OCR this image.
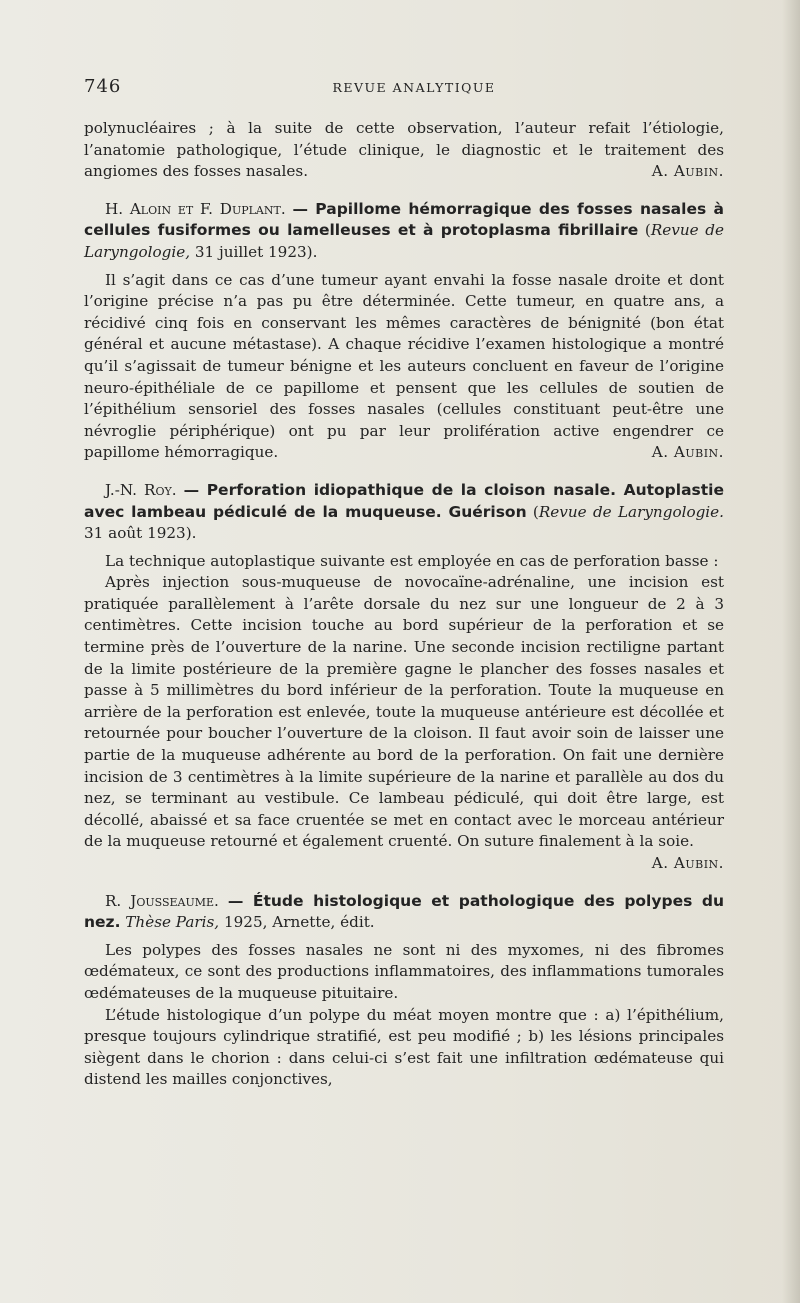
746	REVUE ANALYTIQUE

polynucléaires ; à la suite de cette observation, l’auteur refait l’étiologie, l’anatomie pathologique, l’étude clinique, le diagnostic et le traitement des angiomes des fosses nasales.	A. Aubin.

H. Aloin et F. Duplant. — Papillome hémorragique des fosses nasales à cellules fusiformes ou lamelleuses et à protoplasma fibrillaire (Revue de Laryngologie, 31 juillet 1923).

Il s’agit dans ce cas d’une tumeur ayant envahi la fosse nasale droite et dont l’origine précise n’a pas pu être déterminée. Cette tumeur, en quatre ans, a récidivé cinq fois en conservant les mêmes caractères de bénignité (bon état général et aucune métastase). A chaque récidive l’examen histologique a montré qu’il s’agissait de tumeur bénigne et les auteurs concluent en faveur de l’origine neuro-épithéliale de ce papillome et pensent que les cellules de soutien de l’épithélium sensoriel des fosses nasales (cellules constituant peut-être une névroglie périphérique) ont pu par leur prolifération active engendrer ce papillome hémorragique.	A. Aubin.

J.-N. Roy. — Perforation idiopathique de la cloison nasale. Autoplastie avec lambeau pédiculé de la muqueuse. Guérison (Revue de Laryngologie. 31 août 1923).

La technique autoplastique suivante est employée en cas de perforation basse :

Après injection sous-muqueuse de novocaïne-adrénaline, une incision est pratiquée parallèlement à l’arête dorsale du nez sur une longueur de 2 à 3 centimètres. Cette incision touche au bord supérieur de la perforation et se termine près de l’ouverture de la narine. Une seconde incision rectiligne partant de la limite postérieure de la première gagne le plancher des fosses nasales et passe à 5 millimètres du bord inférieur de la perforation. Toute la muqueuse en arrière de la perforation est enlevée, toute la muqueuse antérieure est décollée et retournée pour boucher l’ouverture de la cloison. Il faut avoir soin de laisser une partie de la muqueuse adhérente au bord de la perforation. On fait une dernière incision de 3 centimètres à la limite supérieure de la narine et parallèle au dos du nez, se terminant au vestibule. Ce lambeau pédiculé, qui doit être large, est décollé, abaissé et sa face cruentée se met en contact avec le morceau antérieur de la muqueuse retourné et également cruenté. On suture finalement à la soie.
A. Aubin.

R. Jousseaume. — Étude histologique et pathologique des polypes du nez. Thèse Paris, 1925, Arnette, édit.

Les polypes des fosses nasales ne sont ni des myxomes, ni des fibromes œdémateux, ce sont des productions inflammatoires, des inflammations tumorales œdémateuses de la muqueuse pituitaire.

L’étude histologique d’un polype du méat moyen montre que : a) l’épithélium, presque toujours cylindrique stratifié, est peu modifié ; b) les lésions principales siègent dans le chorion : dans celui-ci s’est fait une infiltration œdémateuse qui distend les mailles conjonctives,
